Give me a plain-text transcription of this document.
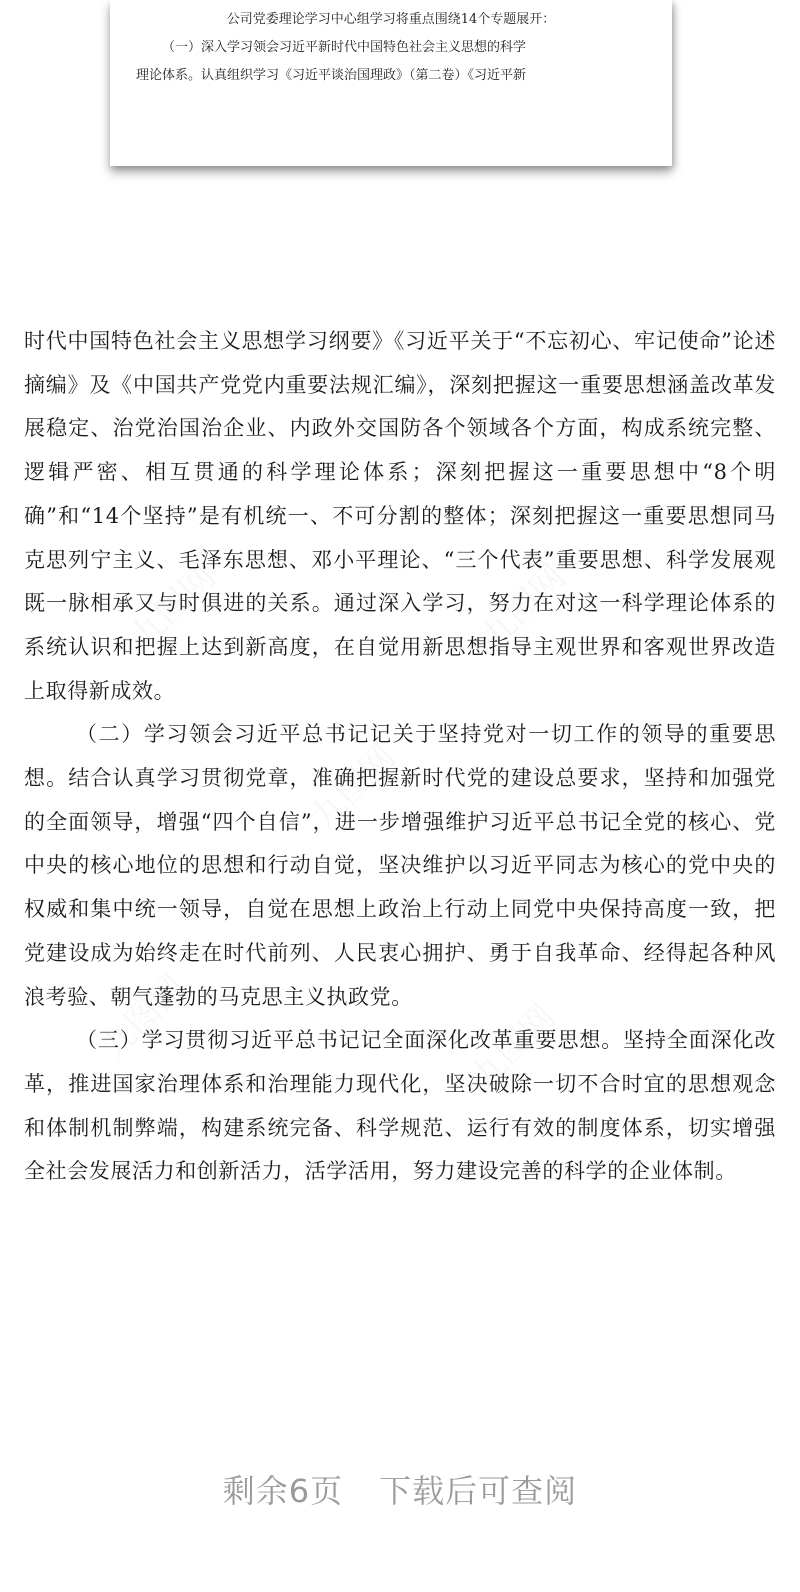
公司党委理论学习中心组学习将重点围绕14个专题展开：
（一）深入学习领会习近平新时代中国特色社会主义思想的科学
理论体系。认真组织学习《习近平谈治国理政》（第二卷）《习近平新

时代中国特色社会主义思想学习纲要》《习近平关于“不忘初心、牢记使命”论述摘编》及《中国共产党党内重要法规汇编》，深刻把握这一重要思想涵盖改革发展稳定、治党治国治企业、内政外交国防各个领域各个方面，构成系统完整、逻辑严密、相互贯通的科学理论体系；深刻把握这一重要思想中“8个明确”和“14个坚持”是有机统一、不可分割的整体；深刻把握这一重要思想同马克思列宁主义、毛泽东思想、邓小平理论、“三个代表”重要思想、科学发展观既一脉相承又与时俱进的关系。通过深入学习，努力在对这一科学理论体系的系统认识和把握上达到新高度，在自觉用新思想指导主观世界和客观世界改造上取得新成效。

（二）学习领会习近平总书记记关于坚持党对一切工作的领导的重要思想。结合认真学习贯彻党章，准确把握新时代党的建设总要求，坚持和加强党的全面领导，增强“四个自信”，进一步增强维护习近平总书记全党的核心、党中央的核心地位的思想和行动自觉，坚决维护以习近平同志为核心的党中央的权威和集中统一领导，自觉在思想上政治上行动上同党中央保持高度一致，把党建设成为始终走在时代前列、人民衷心拥护、勇于自我革命、经得起各种风浪考验、朝气蓬勃的马克思主义执政党。

（三）学习贯彻习近平总书记记全面深化改革重要思想。坚持全面深化改革，推进国家治理体系和治理能力现代化，坚决破除一切不合时宜的思想观念和体制机制弊端，构建系统完备、科学规范、运行有效的制度体系，切实增强全社会发展活力和创新活力，活学活用，努力建设完善的科学的企业体制。

剩余6页 下载后可查阅
